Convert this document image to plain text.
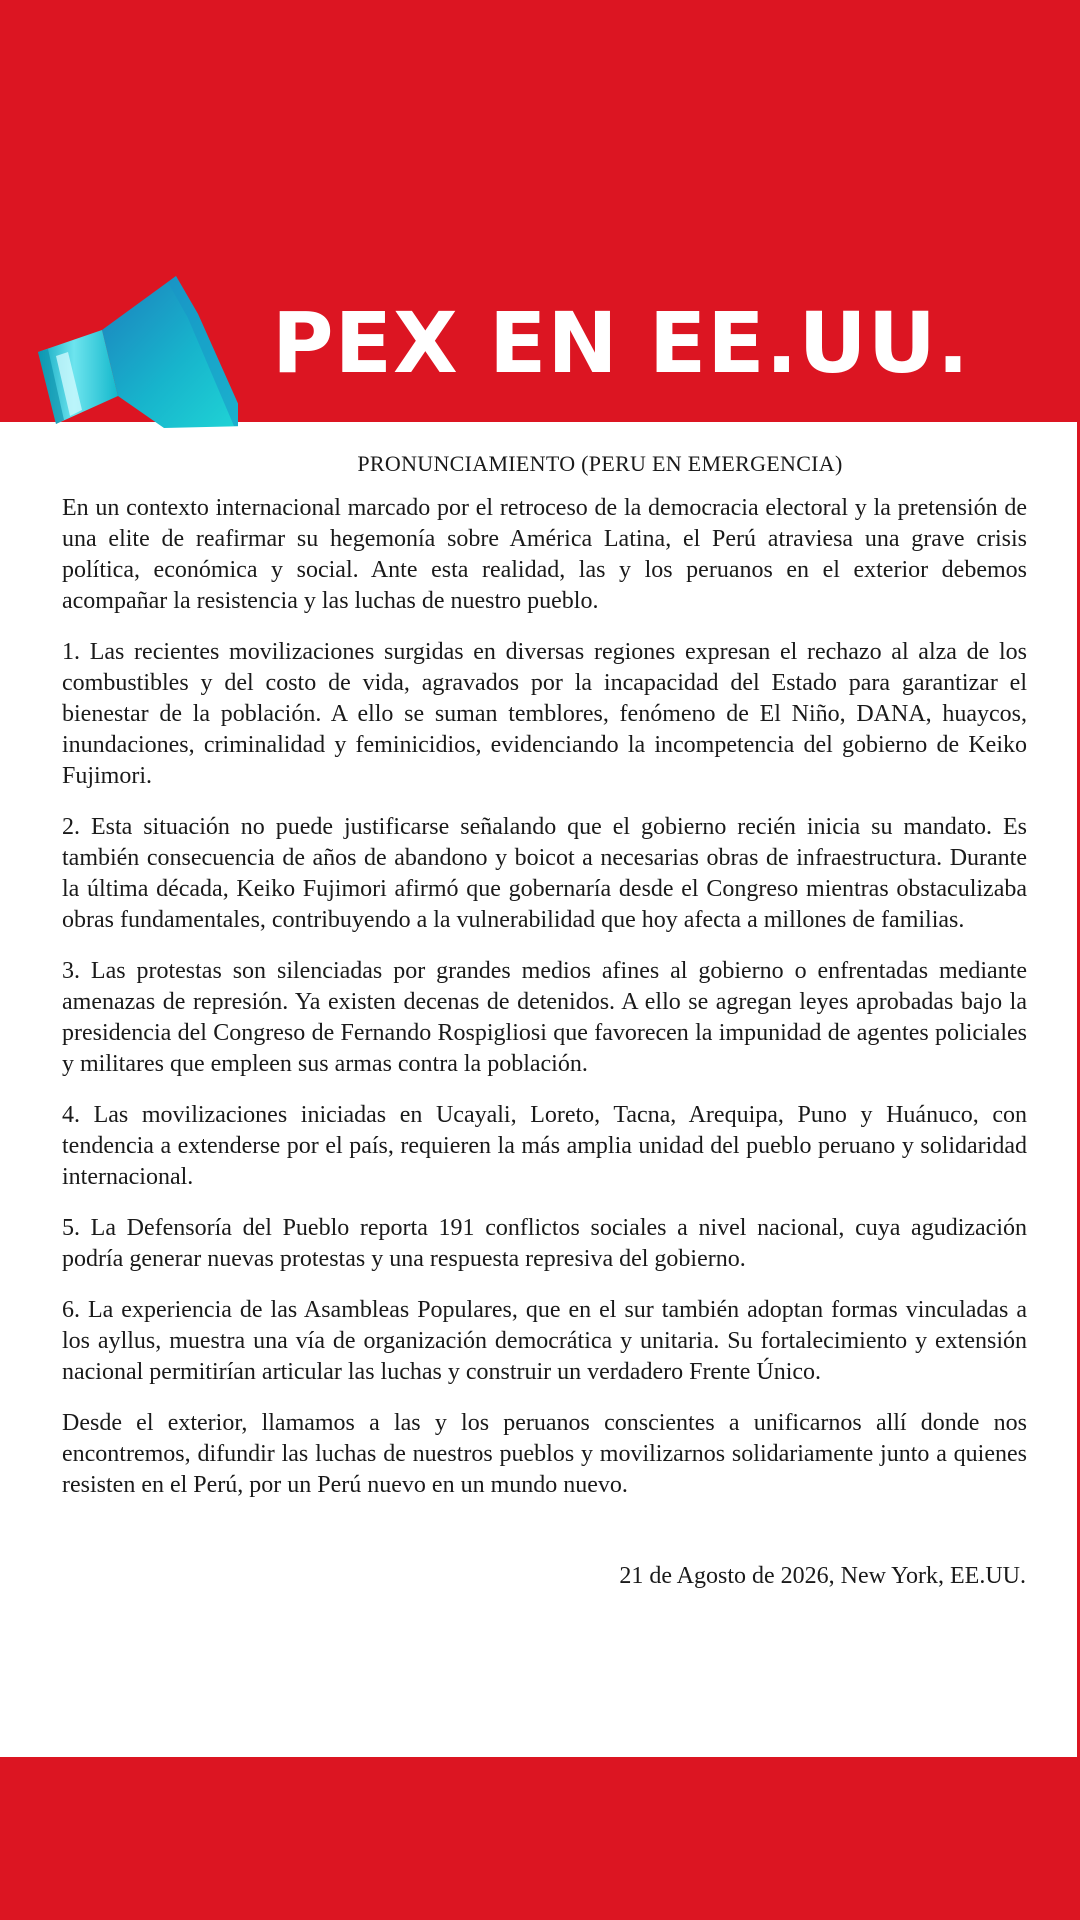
PEX EN EE.UU.
PRONUNCIAMIENTO (PERU EN EMERGENCIA)

En un contexto internacional marcado por el retroceso de la democracia electoral y la pretensión de una elite de reafirmar su hegemonía sobre América Latina, el Perú atraviesa una grave crisis política, económica y social. Ante esta realidad, las y los peruanos en el exterior debemos acompañar la resistencia y las luchas de nuestro pueblo.

1. Las recientes movilizaciones surgidas en diversas regiones expresan el rechazo al alza de los combustibles y del costo de vida, agravados por la incapacidad del Estado para garantizar el bienestar de la población. A ello se suman temblores, fenómeno de El Niño, DANA, huaycos, inundaciones, criminalidad y feminicidios, evidenciando la incompetencia del gobierno de Keiko Fujimori.

2. Esta situación no puede justificarse señalando que el gobierno recién inicia su mandato. Es también consecuencia de años de abandono y boicot a necesarias obras de infraestructura. Durante la última década, Keiko Fujimori afirmó que gobernaría desde el Congreso mientras obstaculizaba obras fundamentales, contribuyendo a la vulnerabilidad que hoy afecta a millones de familias.

3. Las protestas son silenciadas por grandes medios afines al gobierno o enfrentadas mediante amenazas de represión. Ya existen decenas de detenidos. A ello se agregan leyes aprobadas bajo la presidencia del Congreso de Fernando Rospigliosi que favorecen la impunidad de agentes policiales y militares que empleen sus armas contra la población.

4. Las movilizaciones iniciadas en Ucayali, Loreto, Tacna, Arequipa, Puno y Huánuco, con tendencia a extenderse por el país, requieren la más amplia unidad del pueblo peruano y solidaridad internacional.

5. La Defensoría del Pueblo reporta 191 conflictos sociales a nivel nacional, cuya agudización podría generar nuevas protestas y una respuesta represiva del gobierno.

6. La experiencia de las Asambleas Populares, que en el sur también adoptan formas vinculadas a los ayllus, muestra una vía de organización democrática y unitaria. Su fortalecimiento y extensión nacional permitirían articular las luchas y construir un verdadero Frente Único.

Desde el exterior, llamamos a las y los peruanos conscientes a unificarnos allí donde nos encontremos, difundir las luchas de nuestros pueblos y movilizarnos solidariamente junto a quienes resisten en el Perú, por un Perú nuevo en un mundo nuevo.

21 de Agosto de 2026, New York, EE.UU.
